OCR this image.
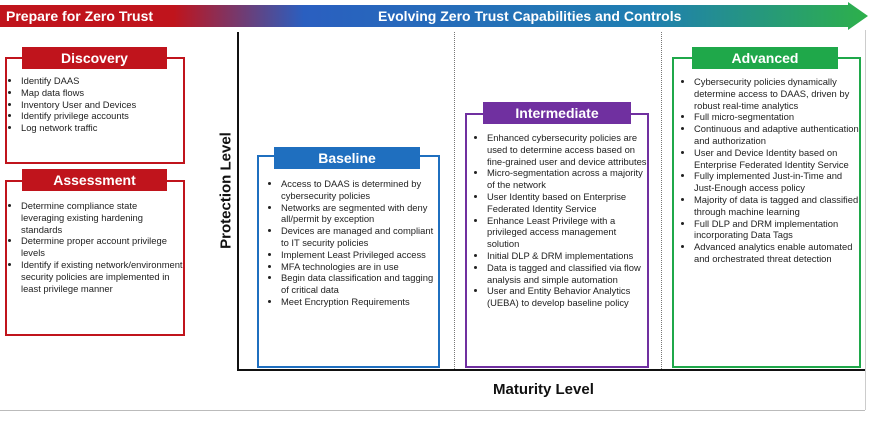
Prepare for Zero Trust	Evolving Zero Trust Capabilities and Controls
• Identify DAAS
• Map data flows
• Inventory User and Devices
• Identify privilege accounts
• Log network traffic
Discovery
• Determine compliance state leveraging existing hardening standards
• Determine proper account privilege levels
• Identify if existing network/environment security policies are implemented in least privilege manner
Assessment	Protection Level
Maturity Level
• Access to DAAS is determined by cybersecurity policies
• Networks are segmented with deny all/permit by exception
• Devices are managed and compliant to IT security policies
• Implement Least Privileged access
• MFA technologies are in use
• Begin data classification and tagging of critical data
• Meet Encryption Requirements
Baseline
• Enhanced cybersecurity policies are used to determine access based on fine-grained user and device attributes
• Micro-segmentation across a majority of the network
• User Identity based on Enterprise Federated Identity Service
• Enhance Least Privilege with a privileged access management solution
• Initial DLP & DRM implementations
• Data is tagged and classified via flow analysis and simple automation
• User and Entity Behavior Analytics (UEBA) to develop baseline policy
Intermediate
• Cybersecurity policies dynamically determine access to DAAS, driven by robust real-time analytics
• Full micro-segmentation
• Continuous and adaptive authentication and authorization
• User and Device Identity based on Enterprise Federated Identity Service
• Fully implemented Just-in-Time and Just-Enough access policy
• Majority of data is tagged and classified through machine learning
• Full DLP and DRM implementation incorporating Data Tags
• Advanced analytics enable automated and orchestrated threat detection
Advanced
